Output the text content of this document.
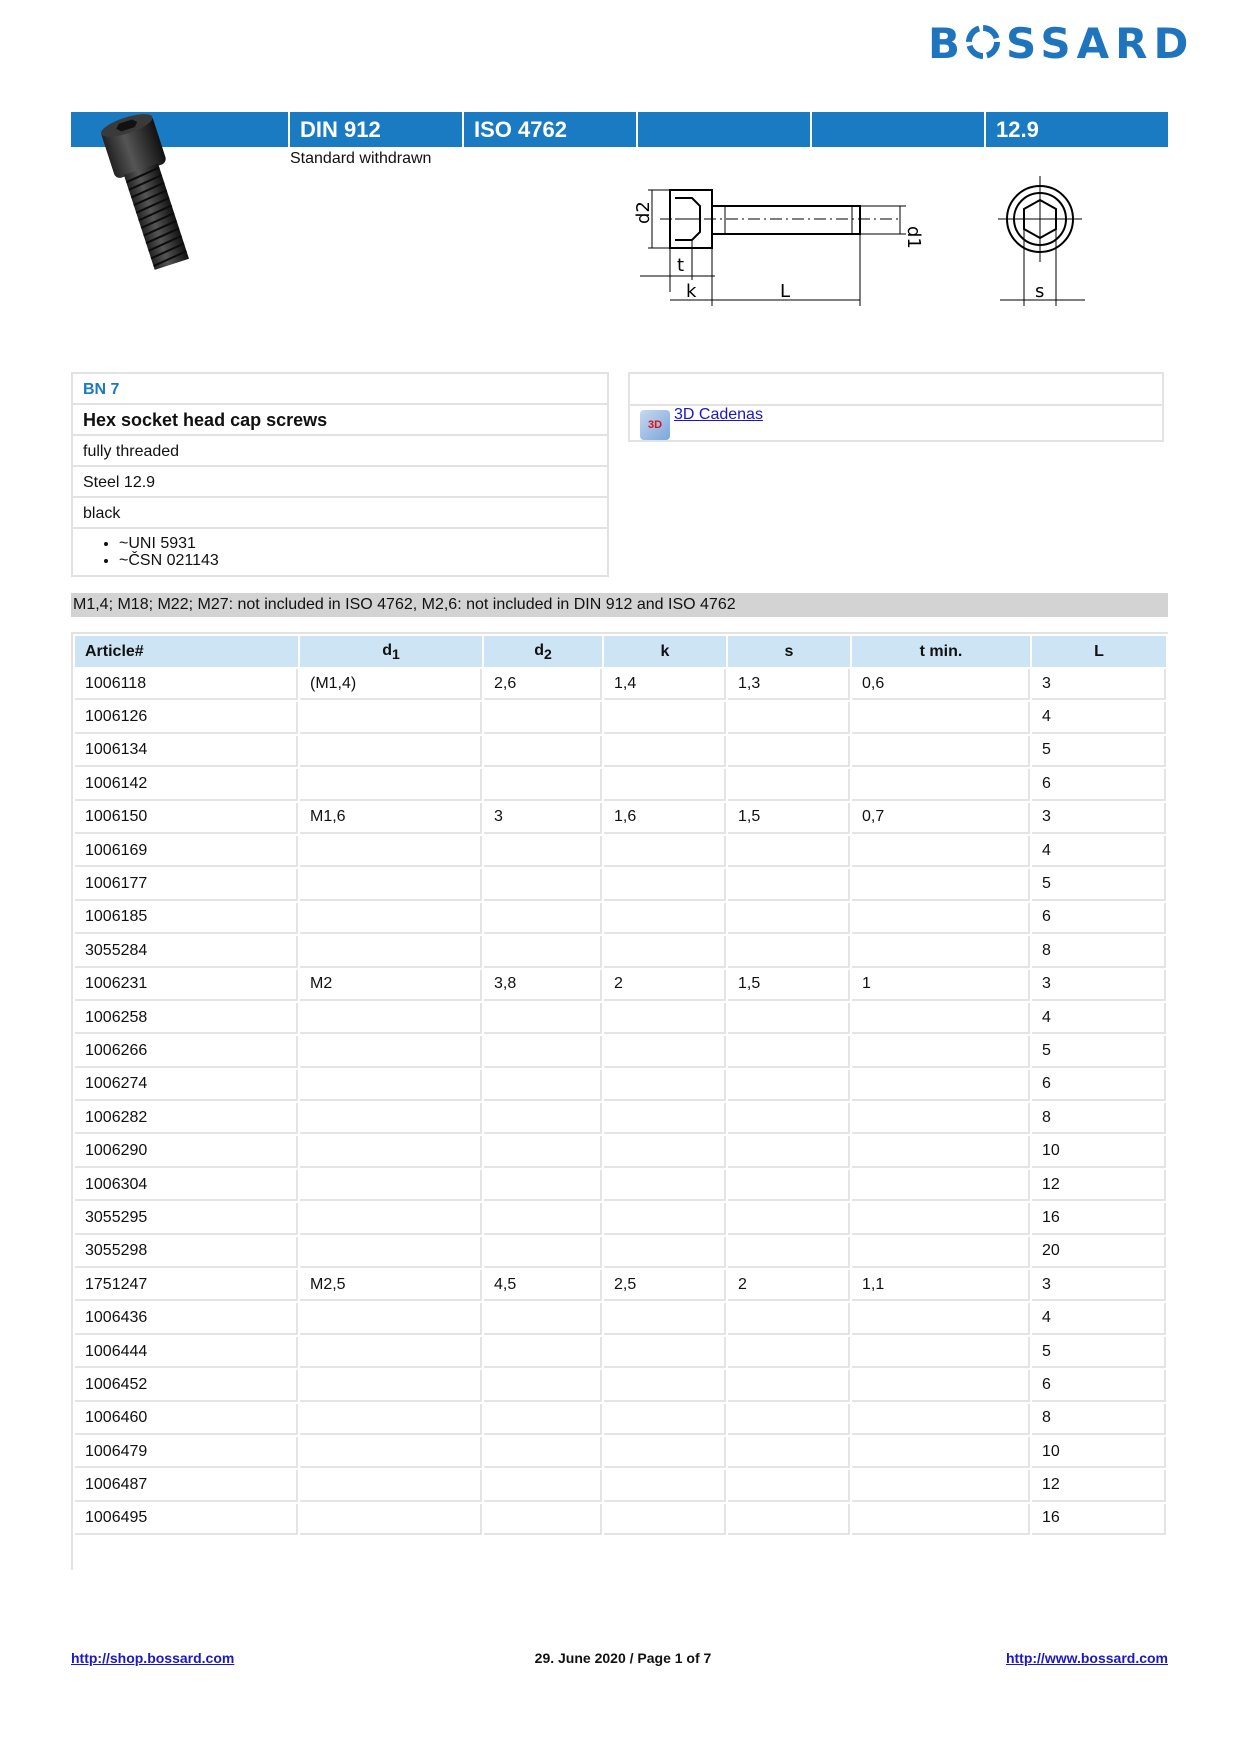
B SSARD
DIN 912	ISO 4762	12.9
Standard withdrawn
d2
d1
t
k	L	s
BN 7
Hex socket head cap screws
fully threaded
Steel 12.9
black
• ~UNI 5931
• ~ČSN 021143
3D
3D Cadenas
M1,4; M18; M22; M27: not included in ISO 4762, M2,6: not included in DIN 912 and ISO 4762
Article#	$d_1$	$d_2$	k	s	t min.	L
1006118	(M1,4)	2,6	1,4	1,3	0,6	3
1006126						4
1006134						5
1006142						6
1006150	M1,6	3	1,6	1,5	0,7	3
1006169						4
1006177						5
1006185						6
3055284						8
1006231	M2	3,8	2	1,5	1	3
1006258						4
1006266						5
1006274						6
1006282						8
1006290						10
1006304						12
3055295						16
3055298						20
1751247	M2,5	4,5	2,5	2	1,1	3
1006436						4
1006444						5
1006452						6
1006460						8
1006479						10
1006487						12
1006495						16
http://shop.bossard.com	29. June 2020 / Page 1 of 7	http://www.bossard.com
